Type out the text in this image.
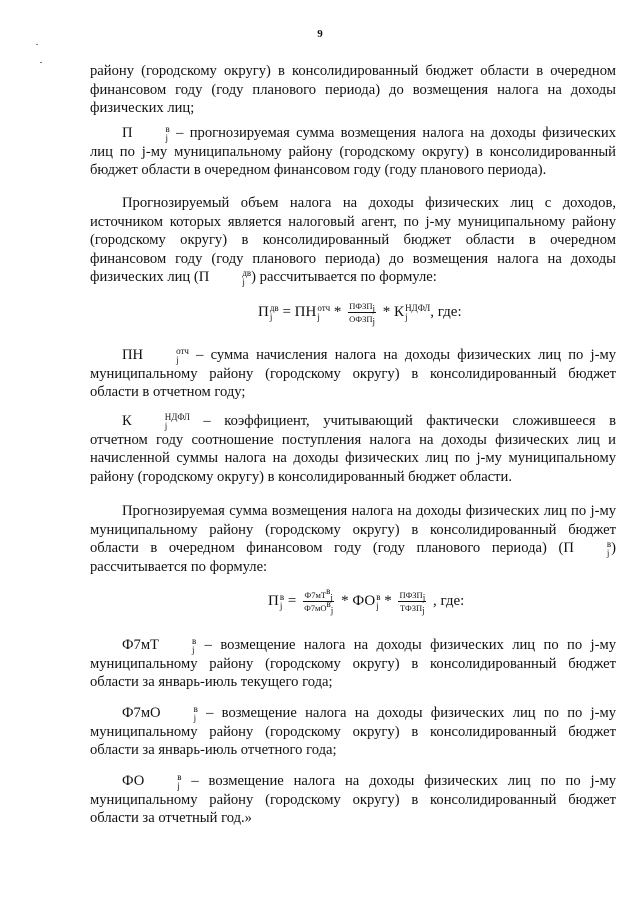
9

району (городскому округу) в консолидированный бюджет области в очередном финансовом году (году планового периода) до возмещения налога на доходы физических лиц;

П	в
j – прогнозируемая сумма возмещения налога на доходы физических лиц по j-му муниципальному району (городскому округу) в консолидированный бюджет области в очередном финансовом году (году планового периода).

Прогнозируемый объем налога на доходы физических лиц с доходов, источником которых является налоговый агент, по j-му муниципальному району (городскому округу) в консолидированный бюджет области в очередном финансовом году (году планового периода) до возмещения налога на доходы физических лиц (П	дв
j ) рассчитывается по формуле:

П дв
j = ПН отч
j * $\frac{ПФЗП_j}{ОФЗП_j}$ * К НДФЛ
j	, где:

ПН	отч
j – сумма начисления налога на доходы физических лиц по j-му муниципальному району (городскому округу) в консолидированный бюджет области в отчетном году;

К	НДФЛ
j	– коэффициент, учитывающий фактически сложившееся в отчетном году соотношение поступления налога на доходы физических лиц и начисленной суммы налога на доходы физических лиц по j-му муниципальному району (городскому округу) в консолидированный бюджет области.

Прогнозируемая сумма возмещения налога на доходы физических лиц по j-му муниципальному району (городскому округу) в консолидированный бюджет области в очередном финансовом году (году планового периода) (П	в
j ) рассчитывается по формуле:

П в
$j = \frac{Ф7мТ^в_j}{Ф7мО^в_j}$ * ФО в
j * $\frac{ПФЗП_j}{ТФЗП_j}$ , где:

Ф7мТ	в
j – возмещение налога на доходы физических лиц по по j-му муниципальному району (городскому округу) в консолидированный бюджет области за январь-июль текущего года;

Ф7мО	в
j – возмещение налога на доходы физических лиц по по j-му муниципальному району (городскому округу) в консолидированный бюджет области за январь-июль отчетного года;

ФО	в
j – возмещение налога на доходы физических лиц по по j-му муниципальному району (городскому округу) в консолидированный бюджет области за отчетный год.»
